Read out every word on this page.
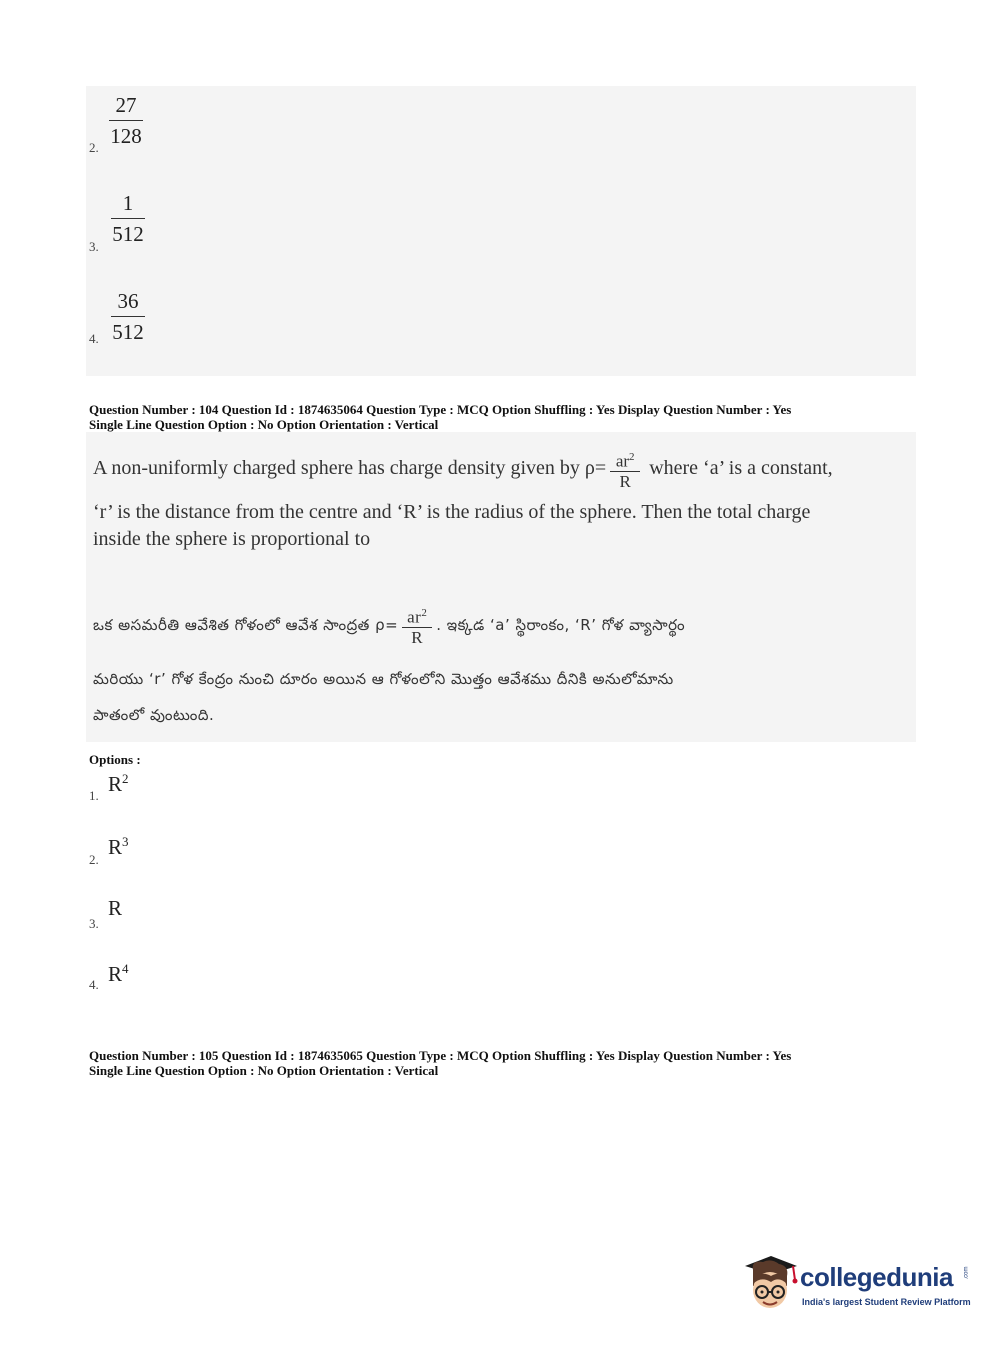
2.
27
128
3.
1
512
4.
36
512
Question Number : 104 Question Id : 1874635064 Question Type : MCQ Option Shuffling : Yes Display Question Number : Yes
Single Line Question Option : No Option Orientation : Vertical
A non-uniformly charged sphere has charge density given by $\rho= \frac{ar^2}{R}$ where ‘a’ is a constant,
‘r’ is the distance from the centre and ‘R’ is the radius of the sphere. Then the total charge
inside the sphere is proportional to
ఒక అసమరీతి ఆవేశిత గోళంలో ఆవేశ సాంద్రత $\rho= \frac{ar^2}{R}$ . ఇక్కడ ‘a’ స్థిరాంకం, ‘R’ గోళ వ్యాసార్థం
మరియు ‘r’ గోళ కేంద్రం నుంచి దూరం అయిన ఆ గోళంలోని మొత్తం ఆవేశము దీనికి అనులోమాను
పాతంలో వుంటుంది.
Options :
1. $R^2$
2.
$R^3$
3.
R
4. $R^4$
Question Number : 105 Question Id : 1874635065 Question Type : MCQ Option Shuffling : Yes Display Question Number : Yes
Single Line Question Option : No Option Orientation : Vertical
collegedunia .com
India's largest Student Review Platform
